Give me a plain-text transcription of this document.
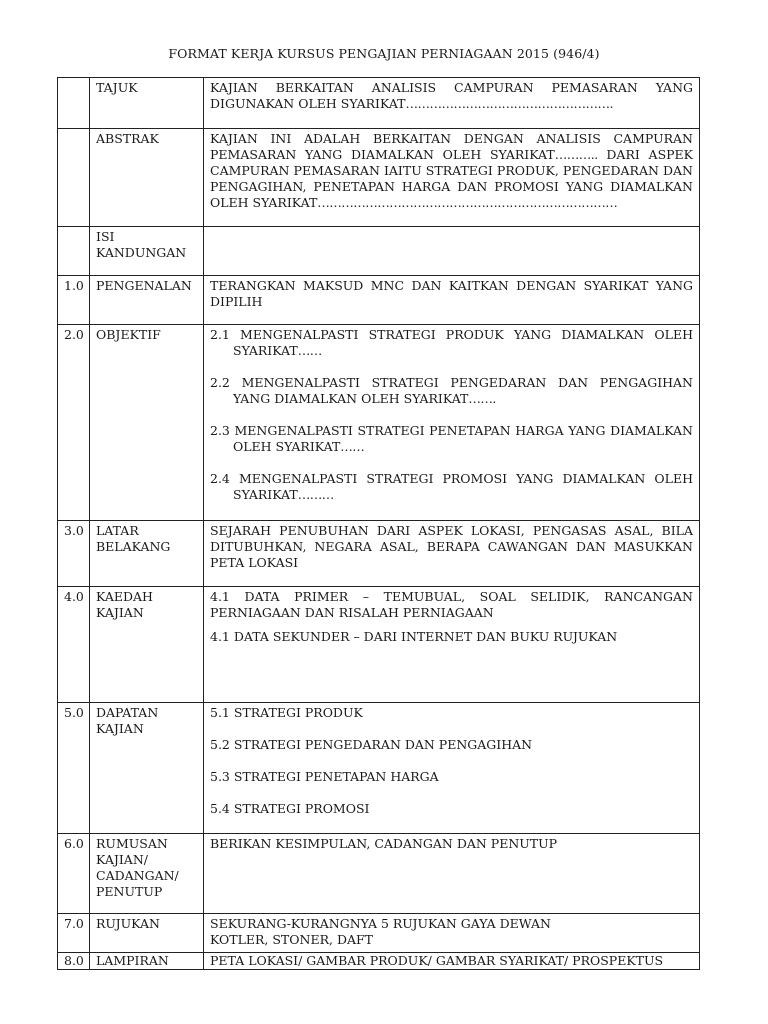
FORMAT KERJA KURSUS PENGAJIAN PERNIAGAAN 2015 (946/4)
	TAJUK	KAJIAN BERKAITAN ANALISIS CAMPURAN PEMASARAN YANG DIGUNAKAN OLEH SYARIKAT…………………………………………….
	ABSTRAK	KAJIAN INI ADALAH BERKAITAN DENGAN ANALISIS CAMPURAN PEMASARAN YANG DIAMALKAN OLEH SYARIKAT……….. DARI ASPEK CAMPURAN PEMASARAN IAITU STRATEGI PRODUK, PENGEDARAN DAN PENGAGIHAN, PENETAPAN HARGA DAN PROMOSI YANG DIAMALKAN OLEH SYARIKAT…………………………………………………………………
	ISI KANDUNGAN	
1.0	PENGENALAN	TERANGKAN MAKSUD MNC DAN KAITKAN DENGAN SYARIKAT YANG DIPILIH
2.0	OBJEKTIF	2.1 MENGENALPASTI STRATEGI PRODUK YANG DIAMALKAN OLEH SYARIKAT……

2.2 MENGENALPASTI STRATEGI PENGEDARAN DAN PENGAGIHAN YANG DIAMALKAN OLEH SYARIKAT…….

2.3 MENGENALPASTI STRATEGI PENETAPAN HARGA YANG DIAMALKAN OLEH SYARIKAT……

2.4 MENGENALPASTI STRATEGI PROMOSI YANG DIAMALKAN OLEH SYARIKAT………

3.0	LATAR BELAKANG	SEJARAH PENUBUHAN DARI ASPEK LOKASI, PENGASAS ASAL, BILA DITUBUHKAN, NEGARA ASAL, BERAPA CAWANGAN DAN MASUKKAN PETA LOKASI
4.0	KAEDAH KAJIAN	4.1 DATA PRIMER – TEMUBUAL, SOAL SELIDIK, RANCANGAN PERNIAGAAN DAN RISALAH PERNIAGAAN

4.1 DATA SEKUNDER – DARI INTERNET DAN BUKU RUJUKAN

5.0	DAPATAN KAJIAN	5.1 STRATEGI PRODUK

5.2 STRATEGI PENGEDARAN DAN PENGAGIHAN

5.3 STRATEGI PENETAPAN HARGA

5.4 STRATEGI PROMOSI

6.0	RUMUSAN KAJIAN/ CADANGAN/ PENUTUP	BERIKAN KESIMPULAN, CADANGAN DAN PENUTUP
7.0	RUJUKAN	SEKURANG-KURANGNYA 5 RUJUKAN GAYA DEWAN
KOTLER, STONER, DAFT

8.0	LAMPIRAN	PETA LOKASI/ GAMBAR PRODUK/ GAMBAR SYARIKAT/ PROSPEKTUS
